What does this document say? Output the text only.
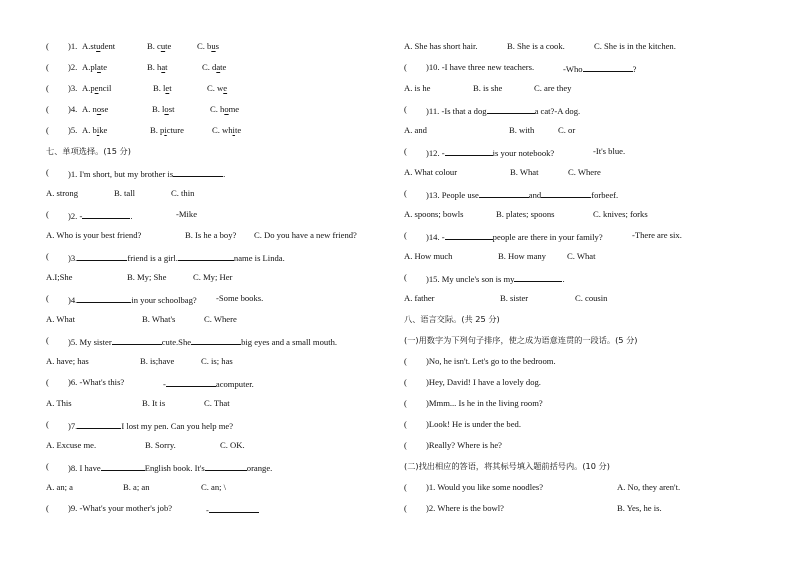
( )1. A.student	B. cute	C. bus
( )2. A.plate	B. hat	C. date
( )3. A.pencil	B. let	C. we
( )4. A. nose	B. lost	C. home
( )5. A. bike	B. picture	C. white
七、单项选择。(15 分)
( )1. I'm short, but my brother is	.
A. strong	B. tall	C. thin
( )2. -	.	-Mike
A. Who is your best friend?	B. Is he a boy? C. Do you have a new friend?
( )3.	friend is a girl.	name is Linda.
A.I;She	B. My; She	C. My; Her
( )4.	in your schoolbag? -Some books.
A. What	B. What's	C. Where
( )5. My sister	cute.She	big eyes and a small mouth.
A. have; has	B. is;have	C. is; has
( )6. -What's this?	-	acomputer.
A. This	B. It is	C. That
( )7.	I lost my pen. Can you help me?
A. Excuse me.	B. Sorry.	C. OK.
( )8. I have	English book. It's	orange.
A. an; a	B. a; an	C. an; \
( )9. -What's your mother's job?	-
A. She has short hair.	B. She is a cook.	C. She is in the kitchen.
( )10. -I have three new teachers.	-Who	?
A. is he	B. is she	C. are they
( )11. -Is that a dog	a cat?-A dog.
A. and	B. with	C. or
( )12. -	is your notebook?	-It's blue.
A. What colour	B. What	C. Where
( )13. People use	and	forbeef.
A. spoons; bowls	B. plates; spoons	C. knives; forks
( )14. -	people are there in your family?	-There are six.
A. How much	B. How many C. What
( )15. My uncle's son is my	.
A. father	B. sister	C. cousin
八、语言交际。(共 25 分)
(一)用数字为下列句子排序，使之成为语意连贯的一段话。(5 分)
( )No, he isn't. Let's go to the bedroom.
( )Hey, David! I have a lovely dog.
( )Mmm... Is he in the living room?
( )Look! He is under the bed.
( )Really? Where is he?
(二)找出相应的答语，将其标号填入题前括号内。(10 分)
( )1. Would you like some noodles?	A. No, they aren't.
( )2. Where is the bowl?	B. Yes, he is.
